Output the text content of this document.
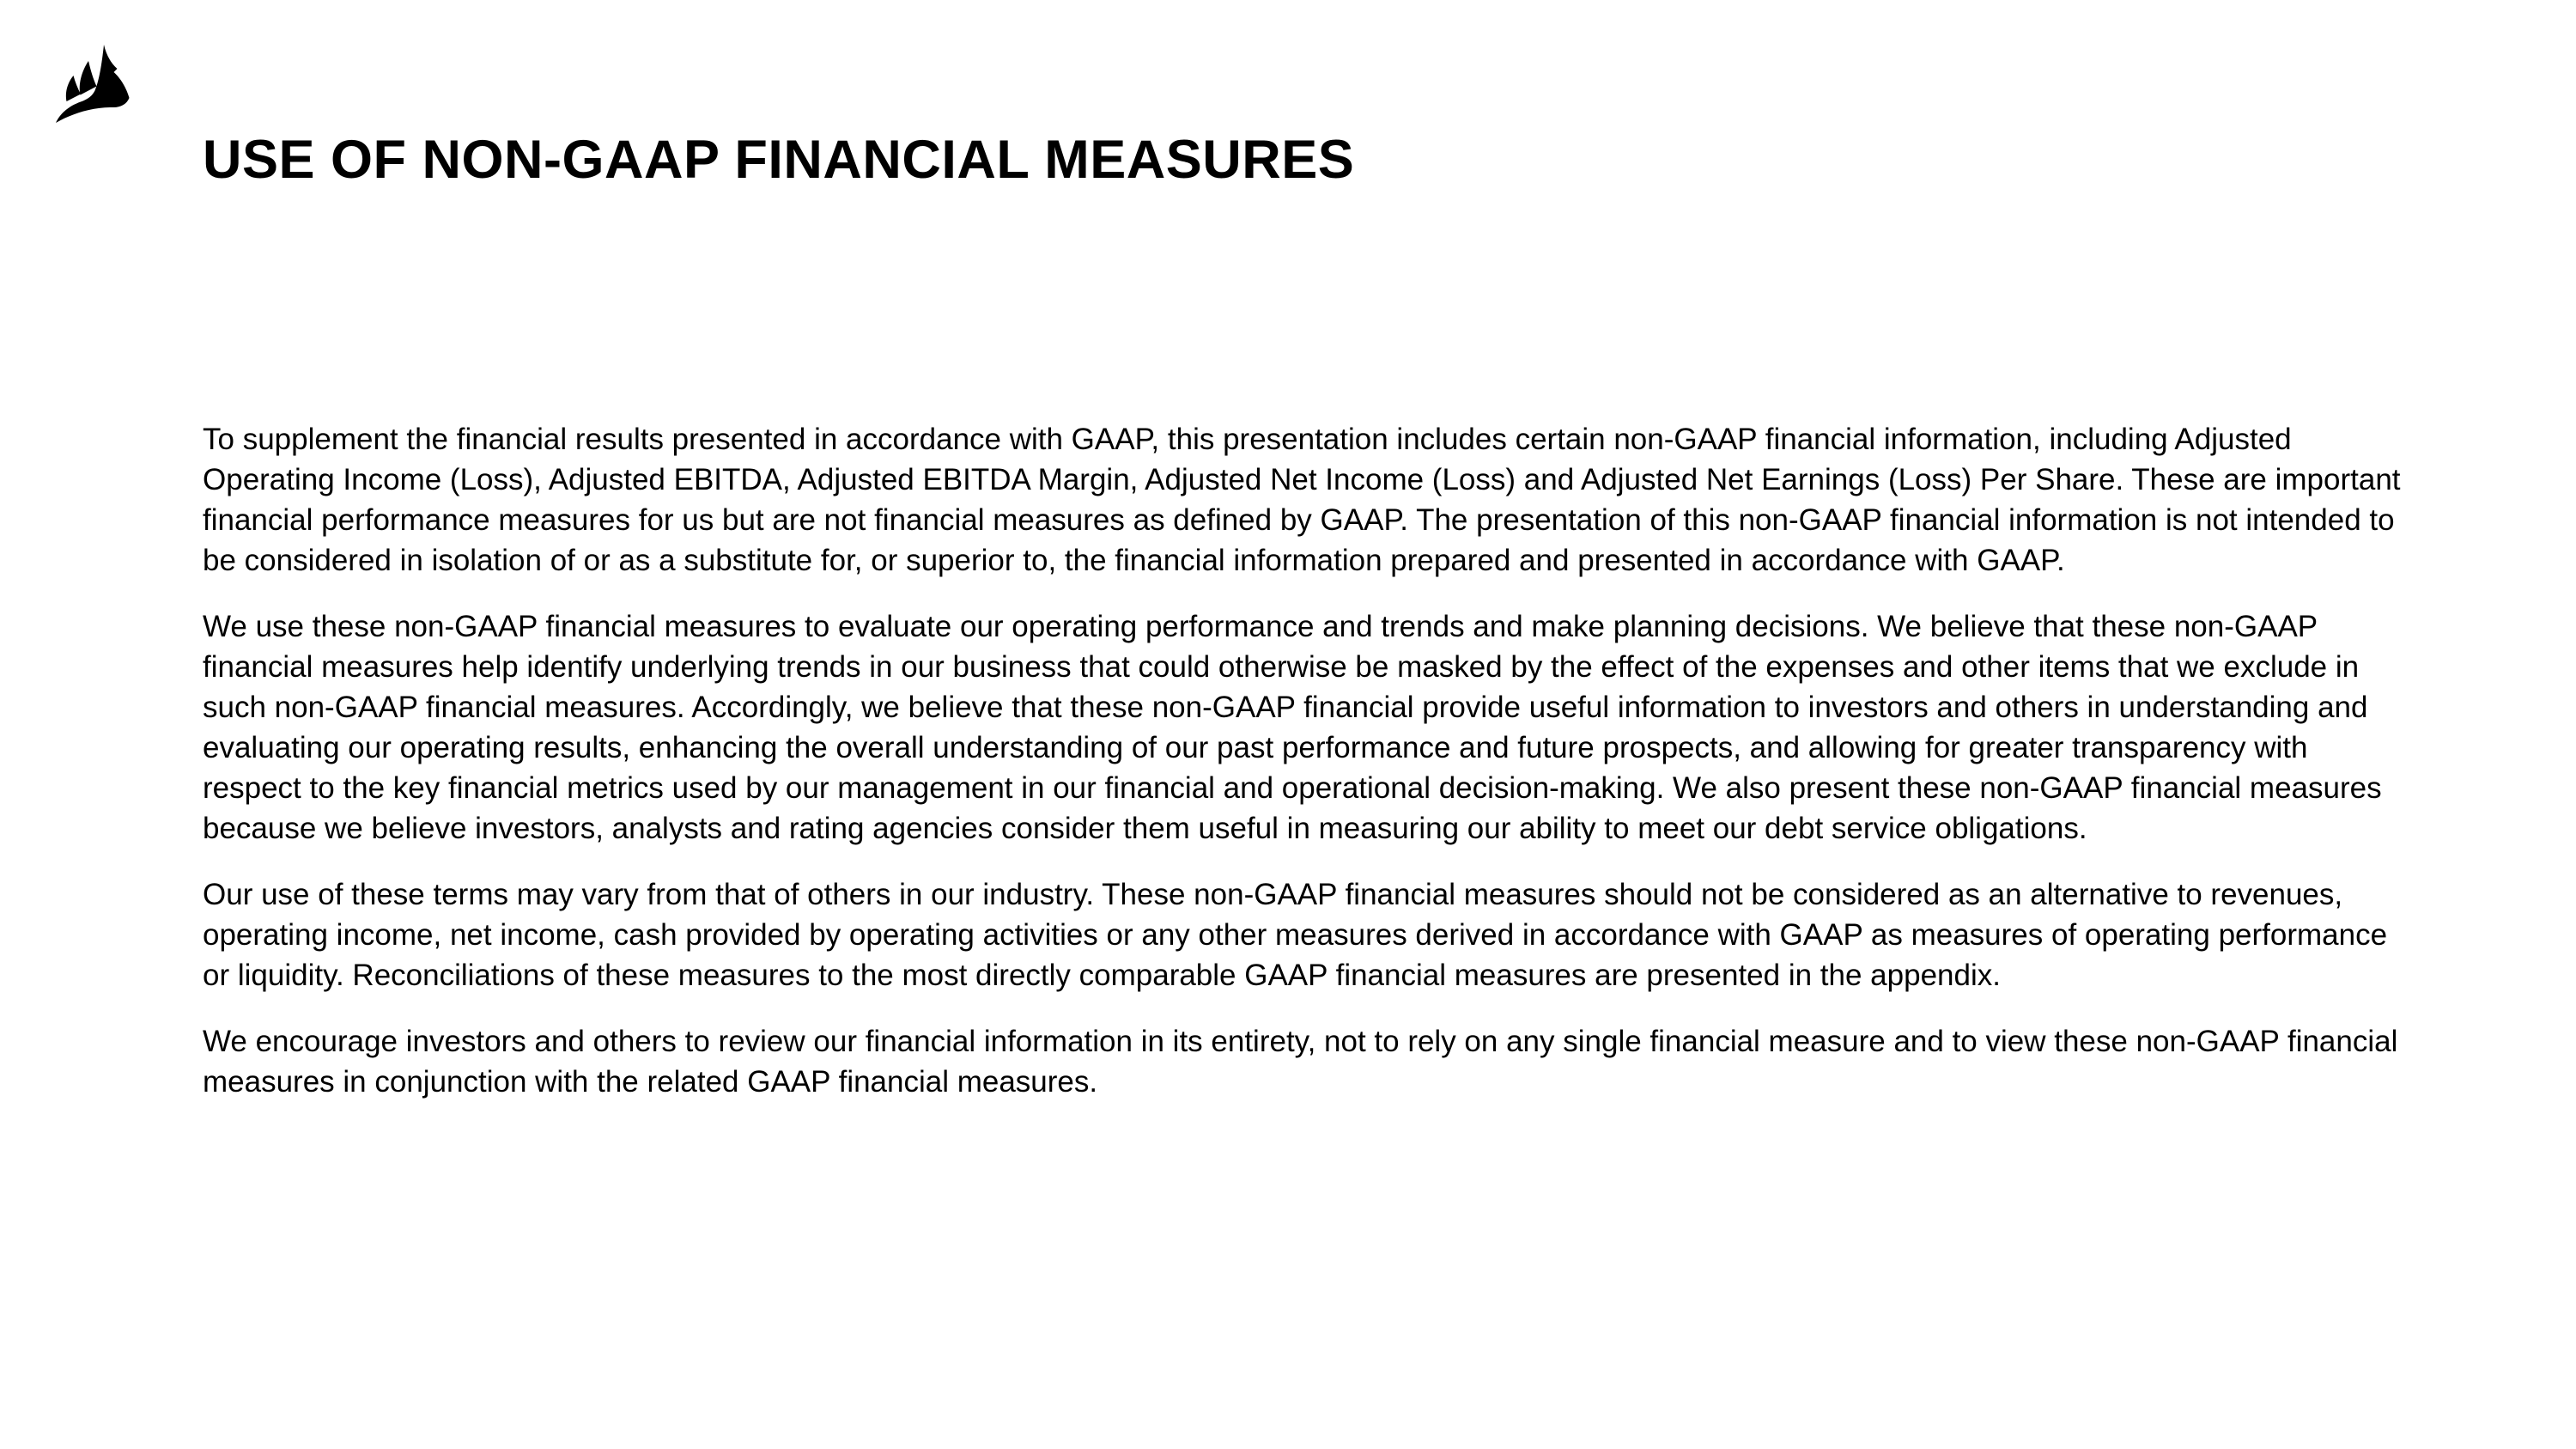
USE OF NON-GAAP FINANCIAL MEASURES

To supplement the financial results presented in accordance with GAAP, this presentation includes certain non-GAAP financial information, including Adjusted Operating Income (Loss), Adjusted EBITDA, Adjusted EBITDA Margin, Adjusted Net Income (Loss) and Adjusted Net Earnings (Loss) Per Share. These are important financial performance measures for us but are not financial measures as defined by GAAP. The presentation of this non-GAAP financial information is not intended to be considered in isolation of or as a substitute for, or superior to, the financial information prepared and presented in accordance with GAAP.

We use these non-GAAP financial measures to evaluate our operating performance and trends and make planning decisions. We believe that these non-GAAP financial measures help identify underlying trends in our business that could otherwise be masked by the effect of the expenses and other items that we exclude in such non-GAAP financial measures. Accordingly, we believe that these non-GAAP financial provide useful information to investors and others in understanding and evaluating our operating results, enhancing the overall understanding of our past performance and future prospects, and allowing for greater transparency with respect to the key financial metrics used by our management in our financial and operational decision-making. We also present these non-GAAP financial measures because we believe investors, analysts and rating agencies consider them useful in measuring our ability to meet our debt service obligations.

Our use of these terms may vary from that of others in our industry. These non-GAAP financial measures should not be considered as an alternative to revenues, operating income, net income, cash provided by operating activities or any other measures derived in accordance with GAAP as measures of operating performance or liquidity. Reconciliations of these measures to the most directly comparable GAAP financial measures are presented in the appendix.

We encourage investors and others to review our financial information in its entirety, not to rely on any single financial measure and to view these non-GAAP financial measures in conjunction with the related GAAP financial measures.
